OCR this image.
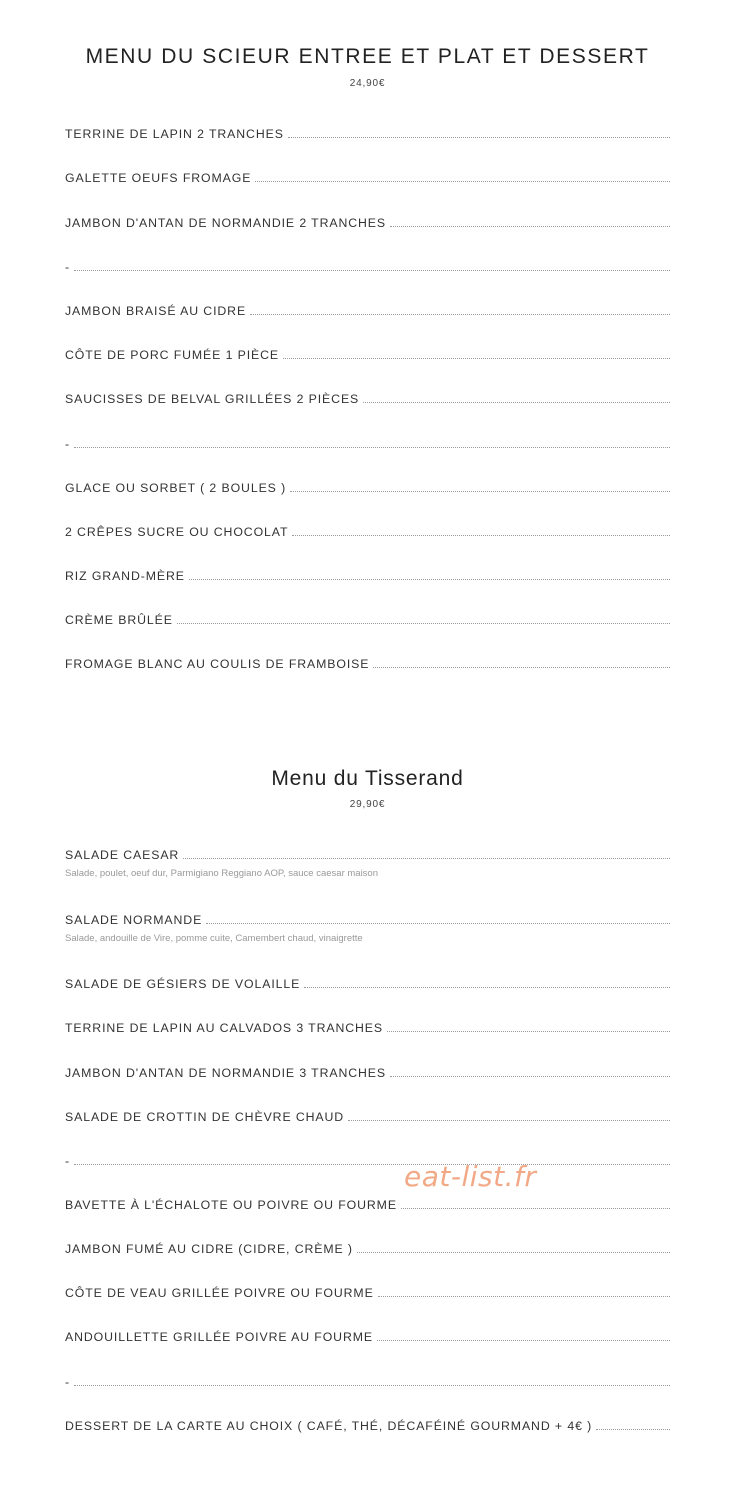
MENU DU SCIEUR ENTREE ET PLAT ET DESSERT
24,90€
TERRINE DE LAPIN 2 TRANCHES
GALETTE OEUFS FROMAGE
JAMBON D'ANTAN DE NORMANDIE 2 TRANCHES
-
JAMBON BRAISÉ AU CIDRE
CÔTE DE PORC FUMÉE 1 PIÈCE
SAUCISSES DE BELVAL GRILLÉES 2 PIÈCES
-
GLACE OU SORBET ( 2 BOULES )
2 CRÊPES SUCRE OU CHOCOLAT
RIZ GRAND-MÈRE
CRÈME BRÛLÉE
FROMAGE BLANC AU COULIS DE FRAMBOISE
Menu du Tisserand
29,90€
SALADE CAESAR
Salade, poulet, oeuf dur, Parmigiano Reggiano AOP, sauce caesar maison
SALADE NORMANDE
Salade, andouille de Vire, pomme cuite, Camembert chaud, vinaigrette
SALADE DE GÉSIERS DE VOLAILLE
TERRINE DE LAPIN AU CALVADOS 3 TRANCHES
JAMBON D'ANTAN DE NORMANDIE 3 TRANCHES
SALADE DE CROTTIN DE CHÈVRE CHAUD
-
BAVETTE À L'ÉCHALOTE OU POIVRE OU FOURME
JAMBON FUMÉ AU CIDRE (CIDRE, CRÈME )
CÔTE DE VEAU GRILLÉE POIVRE OU FOURME
ANDOUILLETTE GRILLÉE POIVRE AU FOURME
-
DESSERT DE LA CARTE AU CHOIX ( CAFÉ, THÉ, DÉCAFÉINÉ GOURMAND + 4€ )
eat-list.fr
